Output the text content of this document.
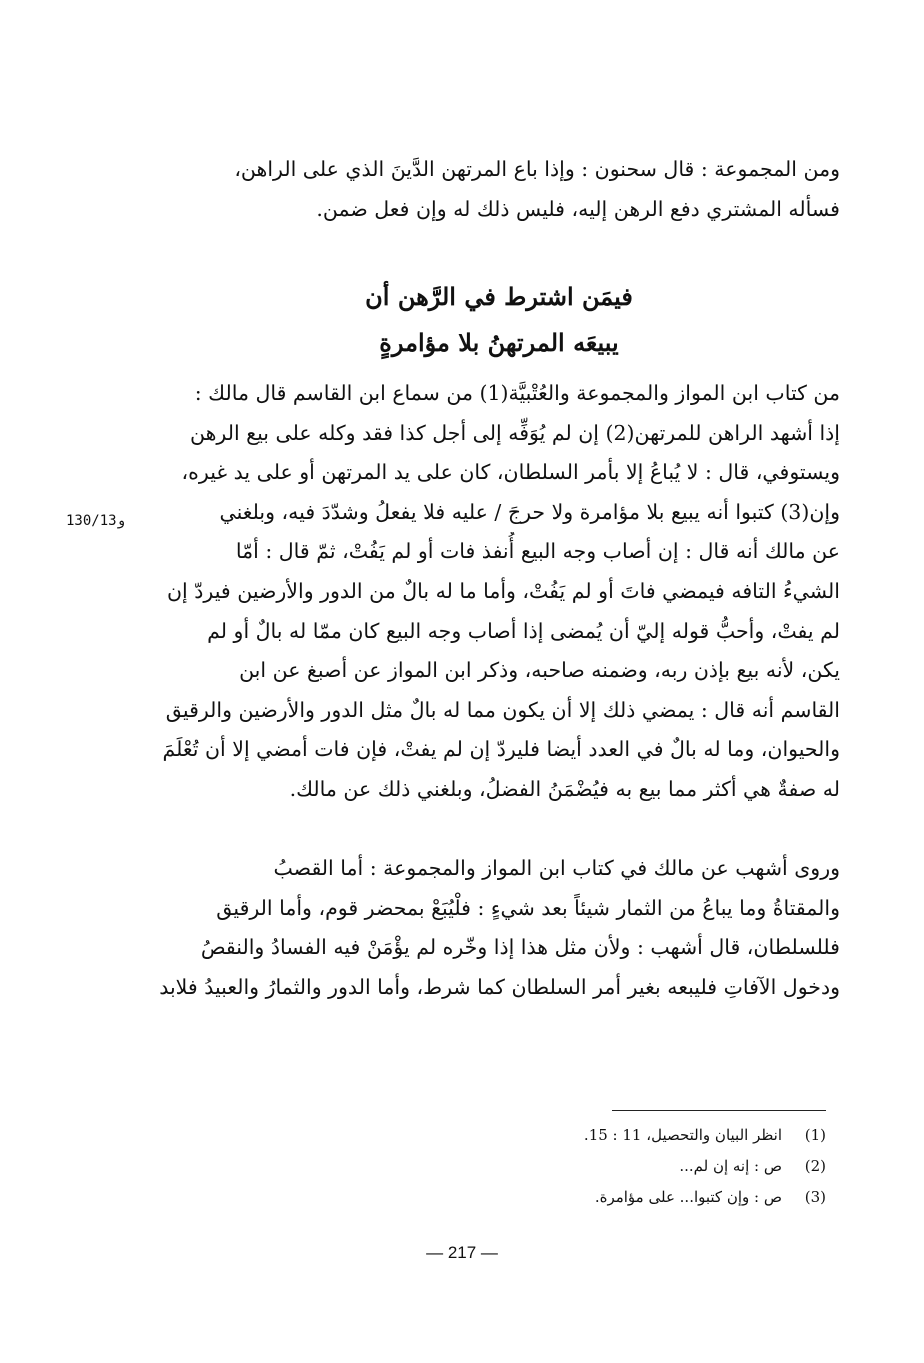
ومن المجموعة : قال سحنون : وإذا باع المرتهن الدَّينَ الذي على الراهن،
فسأله المشتري دفع الرهن إليه، فليس ذلك له وإن فعل ضمن.
فيمَن اشترط في الرَّهن أن
يبيعَه المرتهنُ بلا مؤامرةٍ
من كتاب ابن المواز والمجموعة والعُتْبيَّة(1) من سماع ابن القاسم قال مالك :
إذا أشهد الراهن للمرتهن(2) إن لم يُوَفِّه إلى أجل كذا فقد وكله على بيع الرهن
ويستوفي، قال : لا يُباعُ إلا بأمر السلطان، كان على يد المرتهن أو على يد غيره،
وإن(3) كتبوا أنه يبيع بلا مؤامرة ولا حرجَ / عليه فلا يفعلُ وشدّدَ فيه، وبلغني
عن مالك أنه قال : إن أصاب وجه البيع أُنفذ فات أو لم يَفُتْ، ثمّ قال : أمّا
الشيءُ التافه فيمضي فاتَ أو لم يَفُتْ، وأما ما له بالٌ من الدور والأرضين فيردّ إن
لم يفتْ، وأحبُّ قوله إليّ أن يُمضى إذا أصاب وجه البيع كان ممّا له بالٌ أو لم
يكن، لأنه بيع بإذن ربه، وضمنه صاحبه، وذكر ابن المواز عن أصبغ عن ابن
القاسم أنه قال : يمضي ذلك إلا أن يكون مما له بالٌ مثل الدور والأرضين والرقيق
والحيوان، وما له بالٌ في العدد أيضا فليردّ إن لم يفتْ، فإن فات أمضي إلا أن تُعْلَمَ
له صفةٌ هي أكثر مما بيع به فيُضْمَنُ الفضلُ، وبلغني ذلك عن مالك.
130/13و
وروى أشهب عن مالك في كتاب ابن المواز والمجموعة : أما القصبُ
والمقتاةُ وما يباعُ من الثمار شيئاً بعد شيءٍ : فلْيُبَعْ بمحضر قوم، وأما الرقيق
فللسلطان، قال أشهب : ولأن مثل هذا إذا وخّره لم يؤْمَنْ فيه الفسادُ والنقصُ
ودخول الآفاتِ فليبعه بغير أمر السلطان كما شرط، وأما الدور والثمارُ والعبيدُ فلابد
(1)
انظر البيان والتحصيل، 11 : 15.
(2)
ص : إنه إن لم...
(3)
ص : وإن كتبوا... على مؤامرة.
— 217 —
